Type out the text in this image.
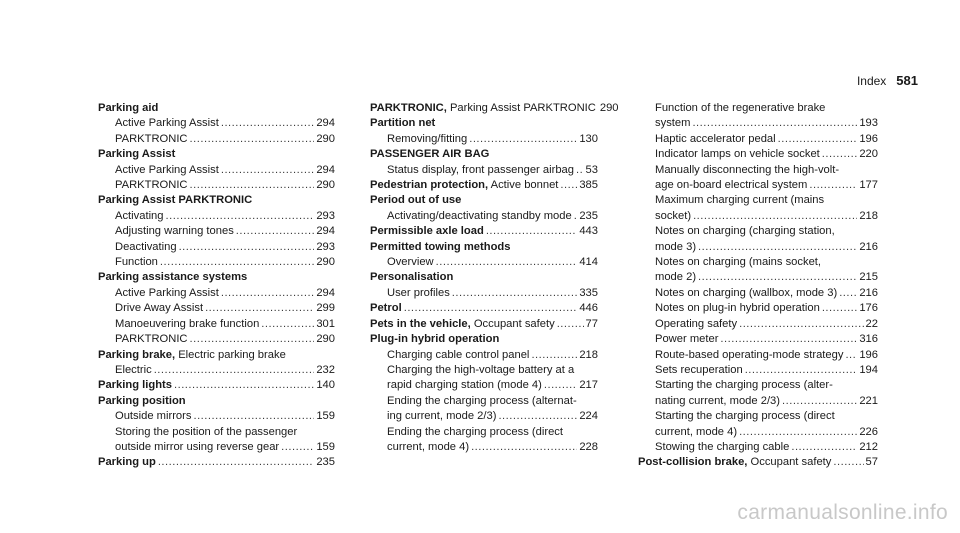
Index 581
Parking aid
Active Parking Assist .....	294
PARKTRONIC .....	290
Parking Assist
Active Parking Assist .....	294
PARKTRONIC .....	290
Parking Assist PARKTRONIC
Activating .....	293
Adjusting warning tones .....	294
Deactivating .....	293
Function .....	290
Parking assistance systems
Active Parking Assist .....	294
Drive Away Assist .....	299
Manoeuvering brake function .....	301
PARKTRONIC .....	290
Parking brake, Electric parking brake
Electric .....	232
Parking lights .....	140
Parking position
Outside mirrors .....	159
Storing the position of the passenger
outside mirror using reverse gear .....	159
Parking up .....	235
PARKTRONIC, Parking Assist PARKTRONIC 290
Partition net
Removing/fitting .....	130
PASSENGER AIR BAG
Status display, front passenger airbag ..... 53
Pedestrian protection, Active bonnet ..... 385
Period out of use
Activating/deactivating standby mode ..... 235
Permissible axle load .....	443
Permitted towing methods
Overview .....	414
Personalisation
User profiles .....	335
Petrol .....	446
Pets in the vehicle, Occupant safety .....	77
Plug-in hybrid operation
Charging cable control panel .....	218
Charging the high-voltage battery at a
rapid charging station (mode 4) .....	217
Ending the charging process (alternat-
ing current, mode 2/3) .....	224
Ending the charging process (direct
current, mode 4) .....	228
Function of the regenerative brake
system .....	193
Haptic accelerator pedal .....	196
Indicator lamps on vehicle socket .....	220
Manually disconnecting the high-volt-
age on-board electrical system .....	177
Maximum charging current (mains
socket) .....	218
Notes on charging (charging station,
mode 3) .....	216
Notes on charging (mains socket,
mode 2) .....	215
Notes on charging (wallbox, mode 3) ..... 216
Notes on plug-in hybrid operation .....	176
Operating safety .....	22
Power meter .....	316
Route-based operating-mode strategy ..... 196
Sets recuperation .....	194
Starting the charging process (alter-
nating current, mode 2/3) .....	221
Starting the charging process (direct
current, mode 4) .....	226
Stowing the charging cable .....	212
Post-collision brake, Occupant safety .....	57
carmanualsonline.info
